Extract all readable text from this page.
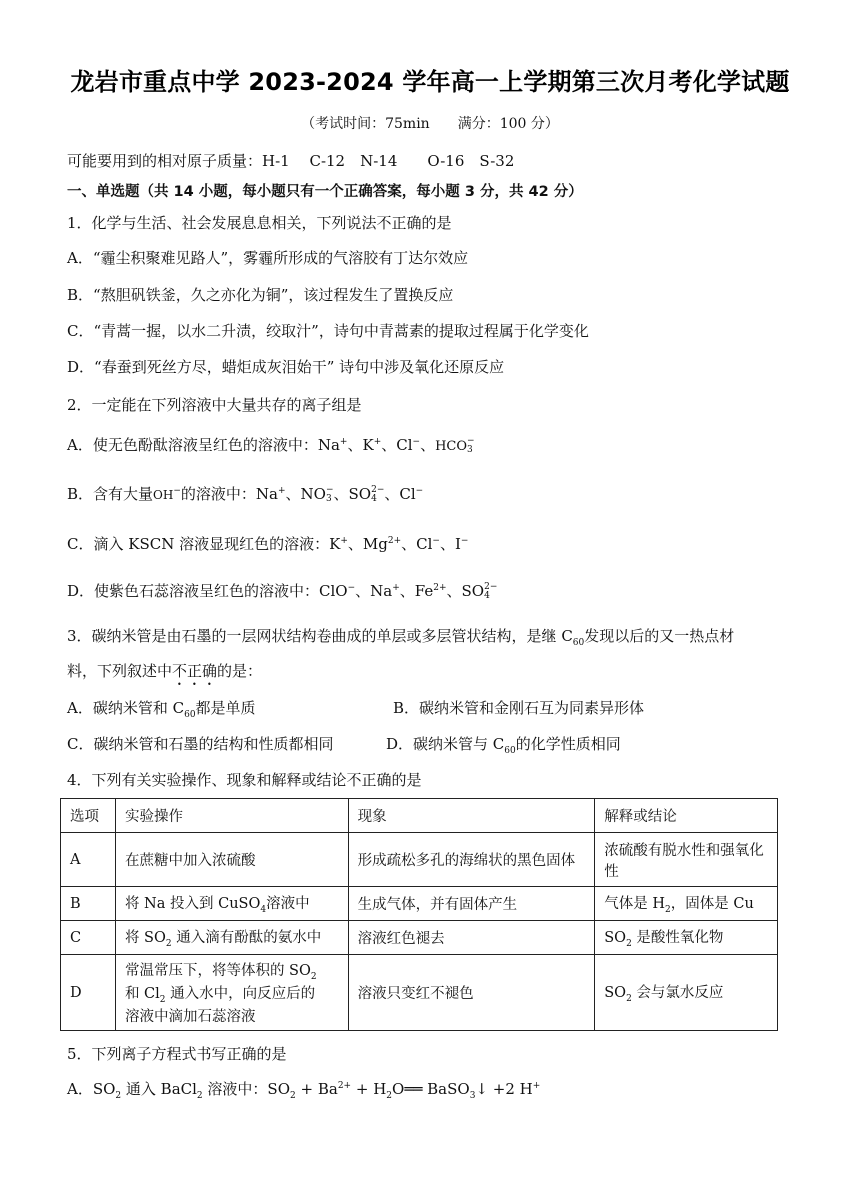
龙岩市重点中学 2023-2024 学年高一上学期第三次月考化学试题
（考试时间：75min　　满分：100 分）
可能要用到的相对原子质量：H-1　 C-12　N-14　　O-16　S-32
一、单选题（共 14 小题，每小题只有一个正确答案，每小题 3 分，共 42 分）
1．化学与生活、社会发展息息相关，下列说法不正确的是
A．“霾尘积聚难见路人”，雾霾所形成的气溶胶有丁达尔效应
B．“熬胆矾铁釜，久之亦化为铜”，该过程发生了置换反应
C．“青蒿一握，以水二升渍，绞取汁”，诗句中青蒿素的提取过程属于化学变化
D．“春蚕到死丝方尽，蜡炬成灰泪始干” 诗句中涉及氧化还原反应
2．一定能在下列溶液中大量共存的离子组是
A．使无色酚酞溶液呈红色的溶液中：Na+、K+、Cl−、HCO −
3
B．含有大量OH−的溶液中：Na+、NO −
3 、SO 2−
4 、Cl−
C．滴入 KSCN 溶液显现红色的溶液：K+、$Mg^{2+}$、Cl−、I−
D．使紫色石蕊溶液呈红色的溶液中：ClO−、Na+、$Fe^{2+}$、SO 2−
4
3．碳纳米管是由石墨的一层网状结构卷曲成的单层或多层管状结构，是继 $C_{60}$发现以后的又一热点材
料，下列叙述中不正确的是：
A．碳纳米管和 $C_{60}$都是单质	B．碳纳米管和金刚石互为同素异形体
C．碳纳米管和石墨的结构和性质都相同	D．碳纳米管与 $C_{60}$的化学性质相同
4．下列有关实验操作、现象和解释或结论不正确的是
选项	实验操作	现象	解释或结论
A	在蔗糖中加入浓硫酸	形成疏松多孔的海绵状的黑色固体	浓硫酸有脱水性和强氧化性
B	将 Na 投入到 CuSO$_4$溶液中	生成气体，并有固体产生	气体是 $H_2$，固体是 Cu
C	将 $SO_2$ 通入滴有酚酞的氨水中	溶液红色褪去	$SO_2$ 是酸性氧化物
D	常温常压下，将等体积的 $SO_2$
和 $Cl_2$ 通入水中，向反应后的
溶液中滴加石蕊溶液	溶液只变红不褪色	$SO_2$ 会与氯水反应
5．下列离子方程式书写正确的是
A．$SO_2$ 通入 BaCl$_2$ 溶液中：$SO_2 + Ba^{2+}$ + $H_2O══$ BaSO$_3$↓ +2 H+
